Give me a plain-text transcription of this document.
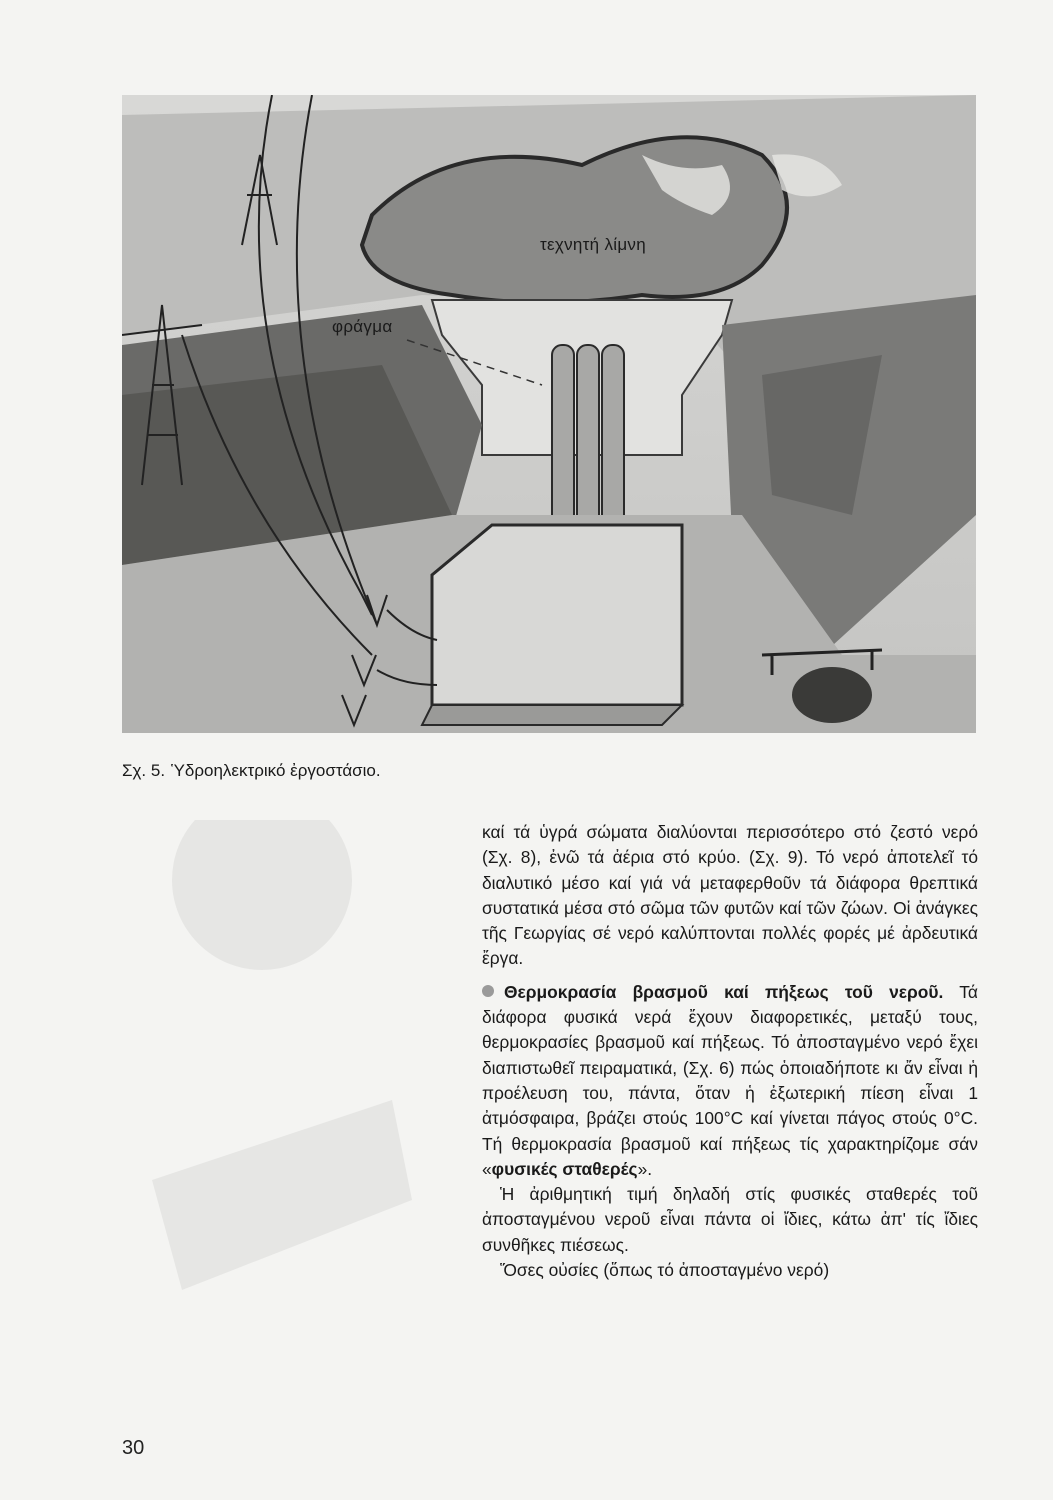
τεχνητή λίμνη
φράγμα
Σχ. 5. Ὑδροηλεκτρικό ἐργοστάσιο.

καί τά ὑγρά σώματα διαλύονται περισσότερο στό ζεστό νερό (Σχ. 8), ἐνῶ τά ἀέρια στό κρύο. (Σχ. 9). Τό νερό ἀποτελεῖ τό διαλυτικό μέσο καί γιά νά μεταφερθοῦν τά διάφορα θρεπτικά συστατικά μέσα στό σῶμα τῶν φυτῶν καί τῶν ζώων. Οἱ ἀνάγκες τῆς Γεωργίας σέ νερό καλύπτονται πολλές φορές μέ ἀρδευτικά ἔργα.

Θερμοκρασία βρασμοῦ καί πήξεως τοῦ νεροῦ. Τά διάφορα φυσικά νερά ἔχουν διαφορετικές, μεταξύ τους, θερμοκρασίες βρασμοῦ καί πήξεως. Τό ἀποσταγμένο νερό ἔχει διαπιστωθεῖ πειραματικά, (Σχ. 6) πώς ὁποιαδήποτε κι ἄν εἶναι ἡ προέλευση του, πάντα, ὅταν ἡ ἐξωτερική πίεση εἶναι 1 ἀτμόσφαιρα, βράζει στούς 100°C καί γίνεται πάγος στούς 0°C. Τή θερμοκρασία βρασμοῦ καί πήξεως τίς χαρακτηρίζομε σάν «φυσικές σταθερές».

Ἡ ἀριθμητική τιμή δηλαδή στίς φυσικές σταθερές τοῦ ἀποσταγμένου νεροῦ εἶναι πάντα οἱ ἴδιες, κάτω ἀπ' τίς ἴδιες συνθῆκες πιέσεως.

Ὅσες οὐσίες (ὅπως τό ἀποσταγμένο νερό)

30
